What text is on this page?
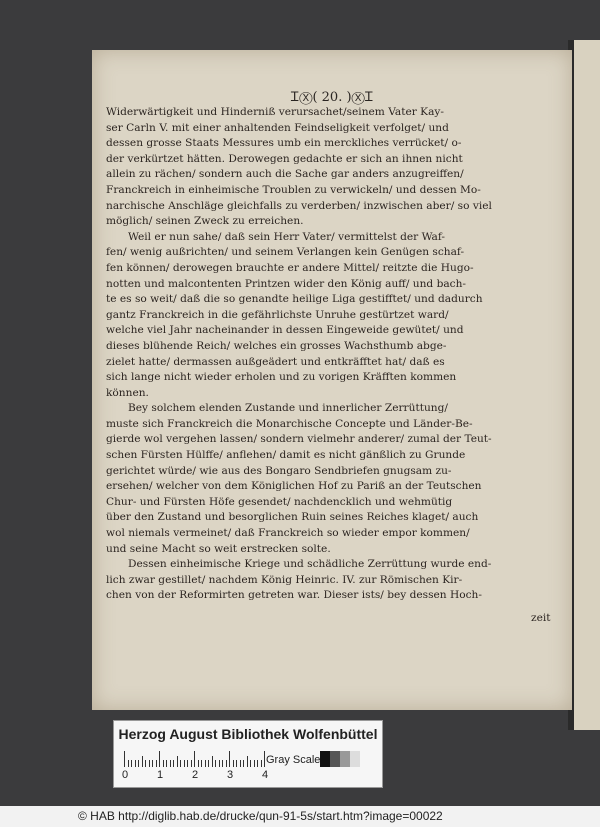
ᏆⓍ( 20. )ⓍᏆ
Widerwärtigkeit und Hinderniß verursachet/seinem Vater Kay-
ser Carln V. mit einer anhaltenden Feindseligkeit verfolget/ und
dessen grosse Staats Messures umb ein merckliches verrücket/ o-
der verkürtzet hätten. Derowegen gedachte er sich an ihnen nicht
allein zu rächen/ sondern auch die Sache gar anders anzugreiffen/
Franckreich in einheimische Troublen zu verwickeln/ und dessen Mo-
narchische Anschläge gleichfalls zu verderben/ inzwischen aber/ so viel
möglich/ seinen Zweck zu erreichen.
Weil er nun sahe/ daß sein Herr Vater/ vermittelst der Waf-
fen/ wenig außrichten/ und seinem Verlangen kein Genügen schaf-
fen können/ derowegen brauchte er andere Mittel/ reitzte die Hugo-
notten und malcontenten Printzen wider den König auff/ und bach-
te es so weit/ daß die so genandte heilige Liga gestifftet/ und dadurch
gantz Franckreich in die gefährlichste Unruhe gestürtzet ward/
welche viel Jahr nacheinander in dessen Eingeweide gewütet/ und
dieses blühende Reich/ welches ein grosses Wachsthumb abge-
zielet hatte/ dermassen außgeädert und entkräfftet hat/ daß es
sich lange nicht wieder erholen und zu vorigen Kräfften kommen
können.
Bey solchem elenden Zustande und innerlicher Zerrüttung/
muste sich Franckreich die Monarchische Concepte und Länder-Be-
gierde wol vergehen lassen/ sondern vielmehr anderer/ zumal der Teut-
schen Fürsten Hülffe/ anflehen/ damit es nicht gänßlich zu Grunde
gerichtet würde/ wie aus des Bongaro Sendbriefen gnugsam zu-
ersehen/ welcher von dem Königlichen Hof zu Pariß an der Teutschen
Chur- und Fürsten Höfe gesendet/ nachdencklich und wehmütig
über den Zustand und besorglichen Ruin seines Reiches klaget/ auch
wol niemals vermeinet/ daß Franckreich so wieder empor kommen/
und seine Macht so weit erstrecken solte.
Dessen einheimische Kriege und schädliche Zerrüttung wurde end-
lich zwar gestillet/ nachdem König Heinric. IV. zur Römischen Kir-
chen von der Reformirten getreten war. Dieser ists/ bey dessen Hoch-
zeit
Herzog August Bibliothek Wolfenbüttel
0	1	2	3	4
Gray Scale
© HAB http://diglib.hab.de/drucke/qun-91-5s/start.htm?image=00022
